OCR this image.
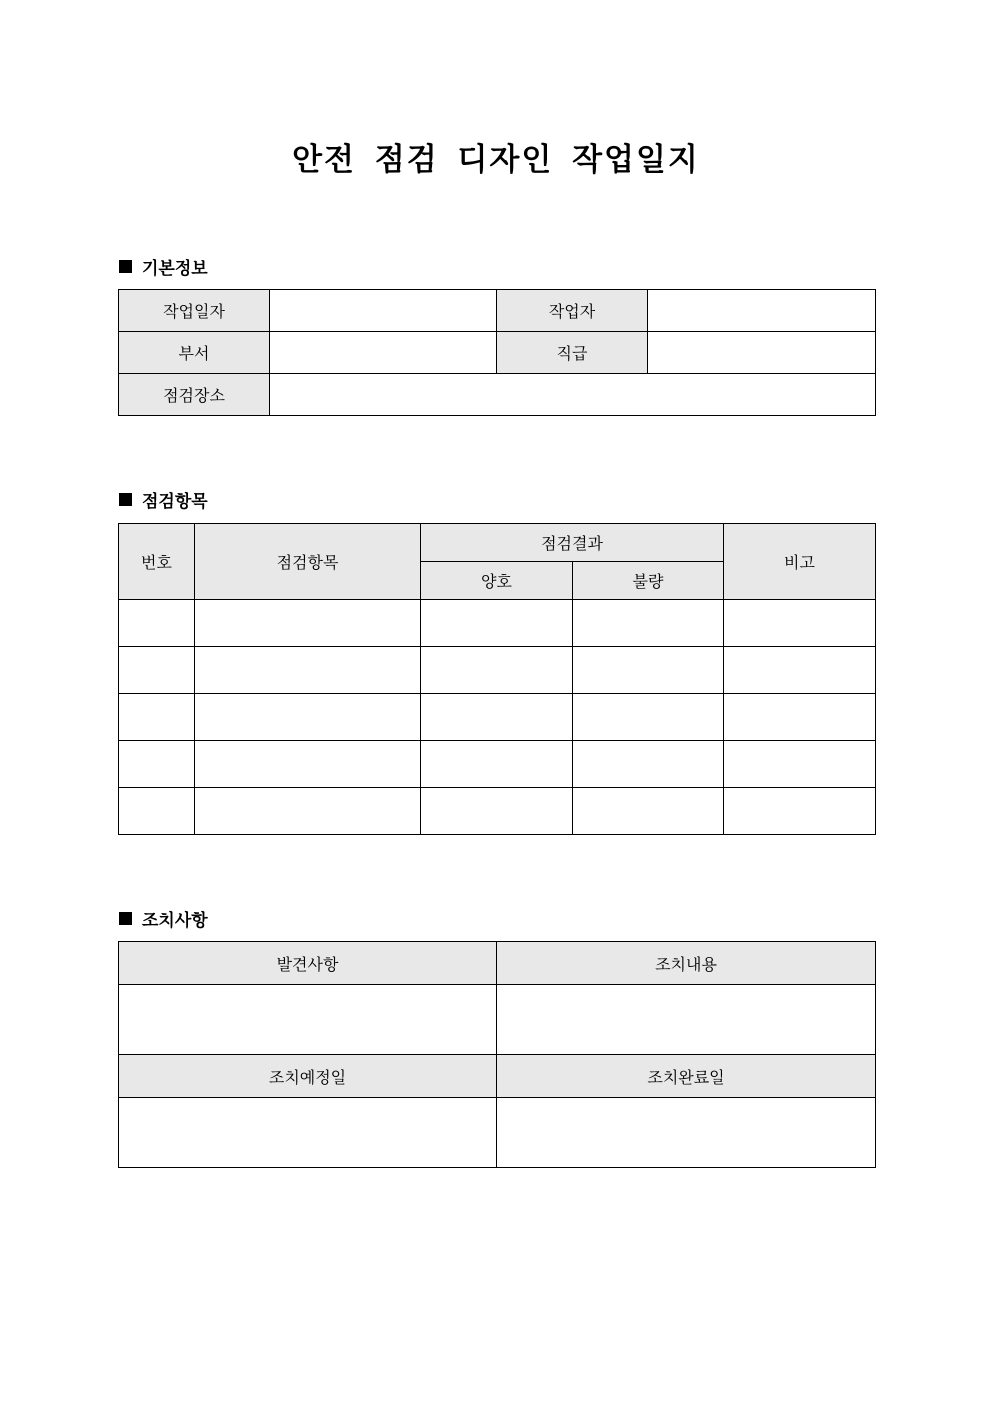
안전 점검 디자인 작업일지
기본정보
작업일자		작업자	
부서		직급	
점검장소			
점검항목
번호	점검항목	점검결과		비고
		양호	불량	

조치사항
발견사항	조치내용

조치예정일	조치완료일
